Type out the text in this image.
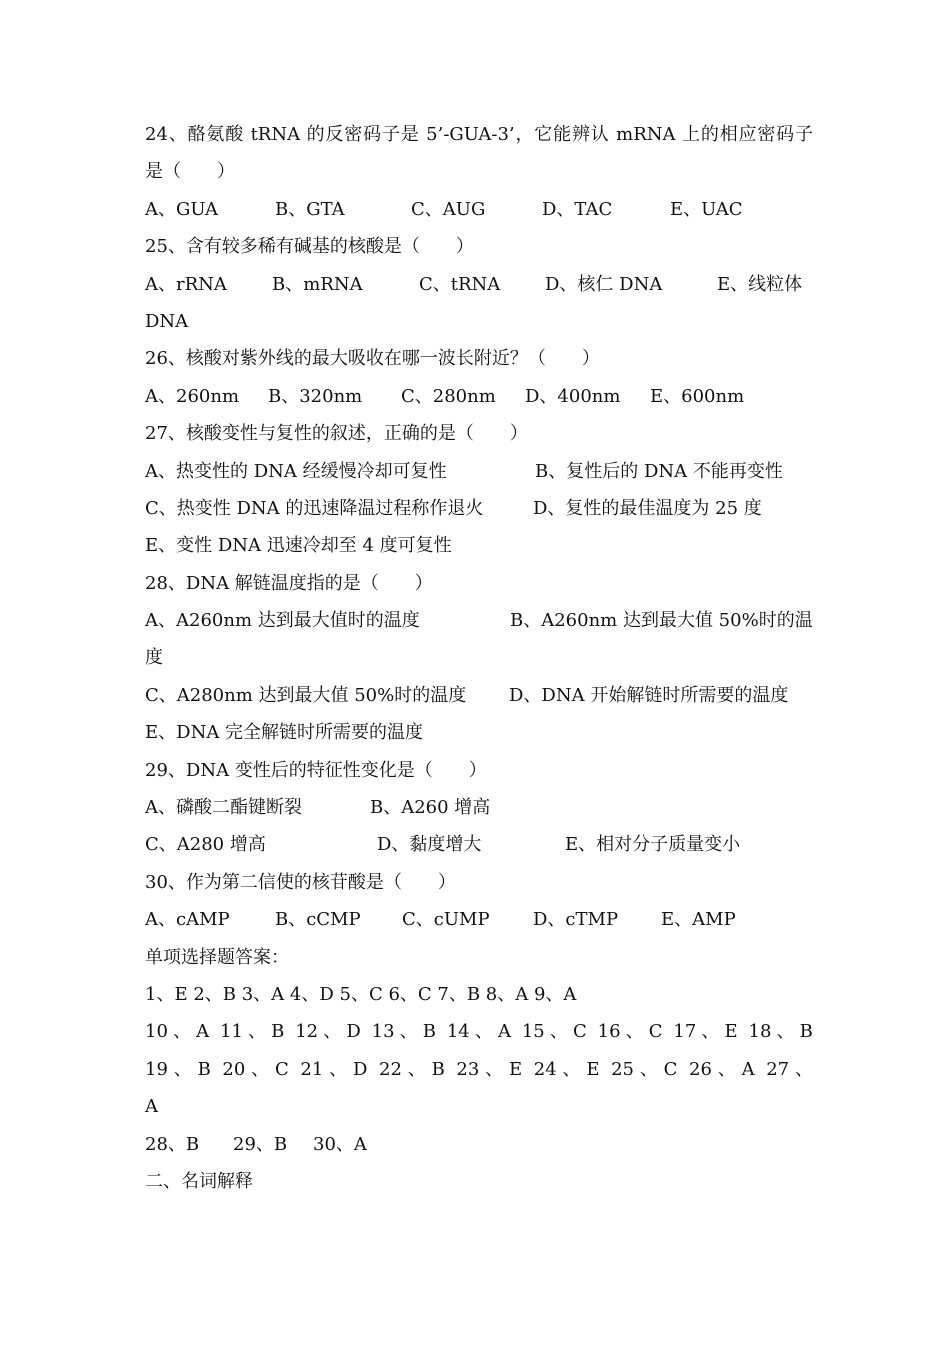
24、酪氨酸 tRNA 的反密码子是 5’-GUA-3’，它能辨认 mRNA 上的相应密码子
是（　　）
A、GUA	B、GTA	C、AUG	D、TAC	E、UAC
25、含有较多稀有碱基的核酸是（　　）
A、rRNA	B、mRNA	C、tRNA D、核仁 DNA	E、线粒体
DNA
26、核酸对紫外线的最大吸收在哪一波长附近？（　　）
A、260nm B、320nm C、280nm D、400nm E、600nm
27、核酸变性与复性的叙述，正确的是（　　）
A、热变性的 DNA 经缓慢冷却可复性	B、复性后的 DNA 不能再变性
C、热变性 DNA 的迅速降温过程称作退火	D、复性的最佳温度为 25 度
E、变性 DNA 迅速冷却至 4 度可复性
28、DNA 解链温度指的是（　　）
A、A260nm 达到最大值时的温度	B、A260nm 达到最大值 50%时的温
度
C、A280nm 达到最大值 50%时的温度 D、DNA 开始解链时所需要的温度
E、DNA 完全解链时所需要的温度
29、DNA 变性后的特征性变化是（　　）
A、磷酸二酯键断裂	B、A260 增高
C、A280 增高	D、黏度增大	E、相对分子质量变小
30、作为第二信使的核苷酸是（　　）
A、cAMP	B、cCMP C、cUMP D、cTMP E、AMP
单项选择题答案：
1、E 2、B 3、A 4、D 5、C 6、C 7、B 8、A 9、A
10、A 11、B 12、D 13、B 14、A 15、C 16、C 17、E 18、B
19、B 20、C 21、D 22、B 23、E 24、E 25、C 26、A 27、
A
28、B 29、B 30、A
二、名词解释
